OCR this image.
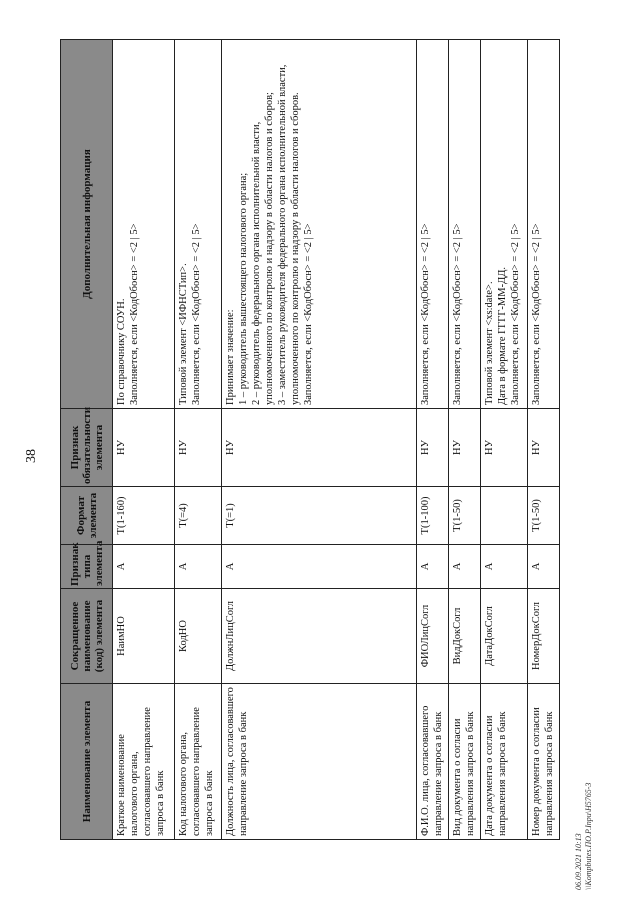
38
06.09.2021 10:13 \\Kompbutes.ПО.Р.Inpu\H5765-3
Наименование элемента	Сокращенное наименование (код) элемента	Признак типа элемента	Формат элемента	Признак обязательности элемента	Дополнительная информация
Краткое наименование налогового органа, согласовавшего направление запроса в банк	НаимНО	А	T(1-160)	НУ	По справочнику СОУН. Заполняется, если <КодОбосн> = <2 | 5>

Код налогового органа, согласовавшего направление запроса в банк	КодНО	А	T(=4)	НУ	Типовой элемент <ИФНСТип>. Заполняется, если <КодОбосн> = <2 | 5>

Должность лица, согласовавшего направление запроса в банк	ДолжнЛицСогл	А	T(=1)	НУ	Принимает значение: 1 – руководитель вышестоящего налогового органа; 2 – руководитель федерального органа исполнительной власти, уполномоченного по контролю и надзору в области налогов и сборов; 3 – заместитель руководителя федерального органа исполнительной власти, уполномоченного по контролю и надзору в области налогов и сборов. Заполняется, если <КодОбосн> = <2 | 5>

Ф.И.О. лица, согласовавшего направление запроса в банк	ФИОЛицСогл	А	T(1-100)	НУ	Заполняется, если <КодОбосн> = <2 | 5>

Вид документа о согласии направления запроса в банк	ВидДокСогл	А	T(1-50)	НУ	Заполняется, если <КодОбосн> = <2 | 5>

Дата документа о согласии направления запроса в банк	ДатаДокСогл	А		НУ	Типовой элемент <xs:date>. Дата в формате ГГГГ-ММ-ДД. Заполняется, если <КодОбосн> = <2 | 5>

Номер документа о согласии направления запроса в банк	НомерДокСогл	А	T(1-50)	НУ	Заполняется, если <КодОбосн> = <2 | 5>
